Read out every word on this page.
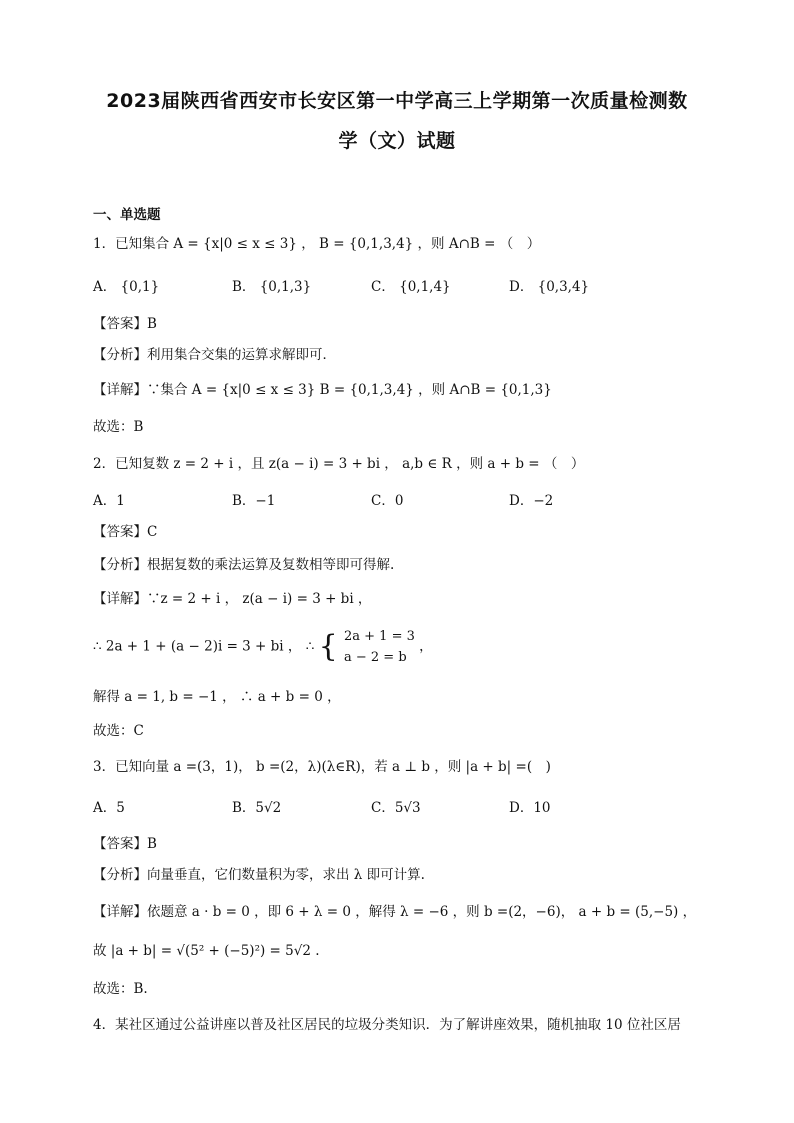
2023届陕西省西安市长安区第一中学高三上学期第一次质量检测数
学（文）试题
一、单选题
1．已知集合 A = {x|0 ≤ x ≤ 3} ， B = {0,1,3,4} ，则 A∩B = （　）
A． {0,1}	B． {0,1,3}	C． {0,1,4}	D． {0,3,4}
【答案】B
【分析】利用集合交集的运算求解即可．
【详解】∵集合 A = {x|0 ≤ x ≤ 3} B = {0,1,3,4} ，则 A∩B = {0,1,3}
故选：B
2．已知复数 z = 2 + i ，且 z(a − i) = 3 + bi ， a,b ∈ R ，则 a + b = （　）
A．1	B．−1	C．0	D．−2
【答案】C
【分析】根据复数的乘法运算及复数相等即可得解.
【详解】∵z = 2 + i ， z(a − i) = 3 + bi ，
∴ 2a + 1 + (a − 2)i = 3 + bi ， ∴ { 2a + 1 = 3
a − 2 = b ，
解得 a = 1, b = −1 ， ∴ a + b = 0 ，
故选：C
3．已知向量 a =(3，1)， b =(2，λ)(λ∈R)，若 a ⊥ b ，则 |a + b| =(　)
A．5	B．5√2	C．5√3	D．10
【答案】B
【分析】向量垂直，它们数量积为零，求出 λ 即可计算.
【详解】依题意 a · b = 0 ，即 6 + λ = 0 ，解得 λ = −6 ，则 b =(2，−6)， a + b = (5,−5) ，
故 |a + b| = √(5² + (−5)²) = 5√2 .
故选：B.
4．某社区通过公益讲座以普及社区居民的垃圾分类知识．为了解讲座效果，随机抽取 10 位社区居
